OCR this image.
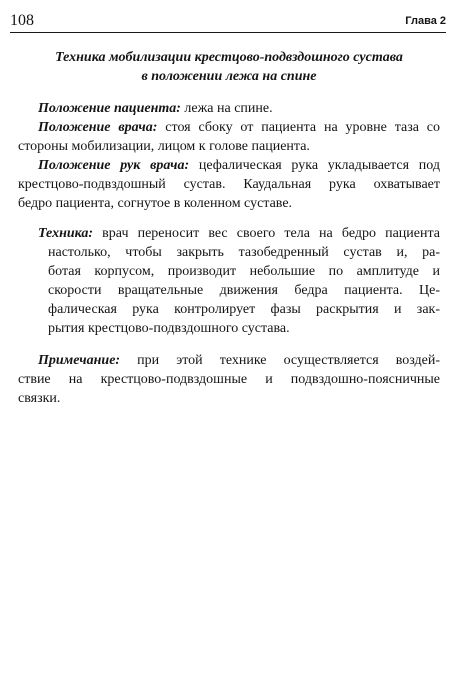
108	Глава 2
Техника мобилизации крестцово-подвздошного сустава
в положении лежа на спине

Положение пациента: лежа на спине.

Положение врача: стоя сбоку от пациента на уровне таза со

стороны мобилизации, лицом к голове пациента.

Положение рук врача: цефалическая рука укладывается под

крестцово-подвздошный сустав. Каудальная рука охватывает
бедро пациента, согнутое в коленном суставе.

Техника: врач переносит вес своего тела на бедро пациента

настолько, чтобы закрыть тазобедренный сустав и, ра-
ботая корпусом, производит небольшие по амплитуде и
скорости вращательные движения бедра пациента. Це-
фалическая рука контролирует фазы раскрытия и зак-
рытия крестцово-подвздошного сустава.

Примечание: при этой технике осуществляется воздей-

ствие на крестцово-подвздошные и подвздошно-поясничные
связки.
